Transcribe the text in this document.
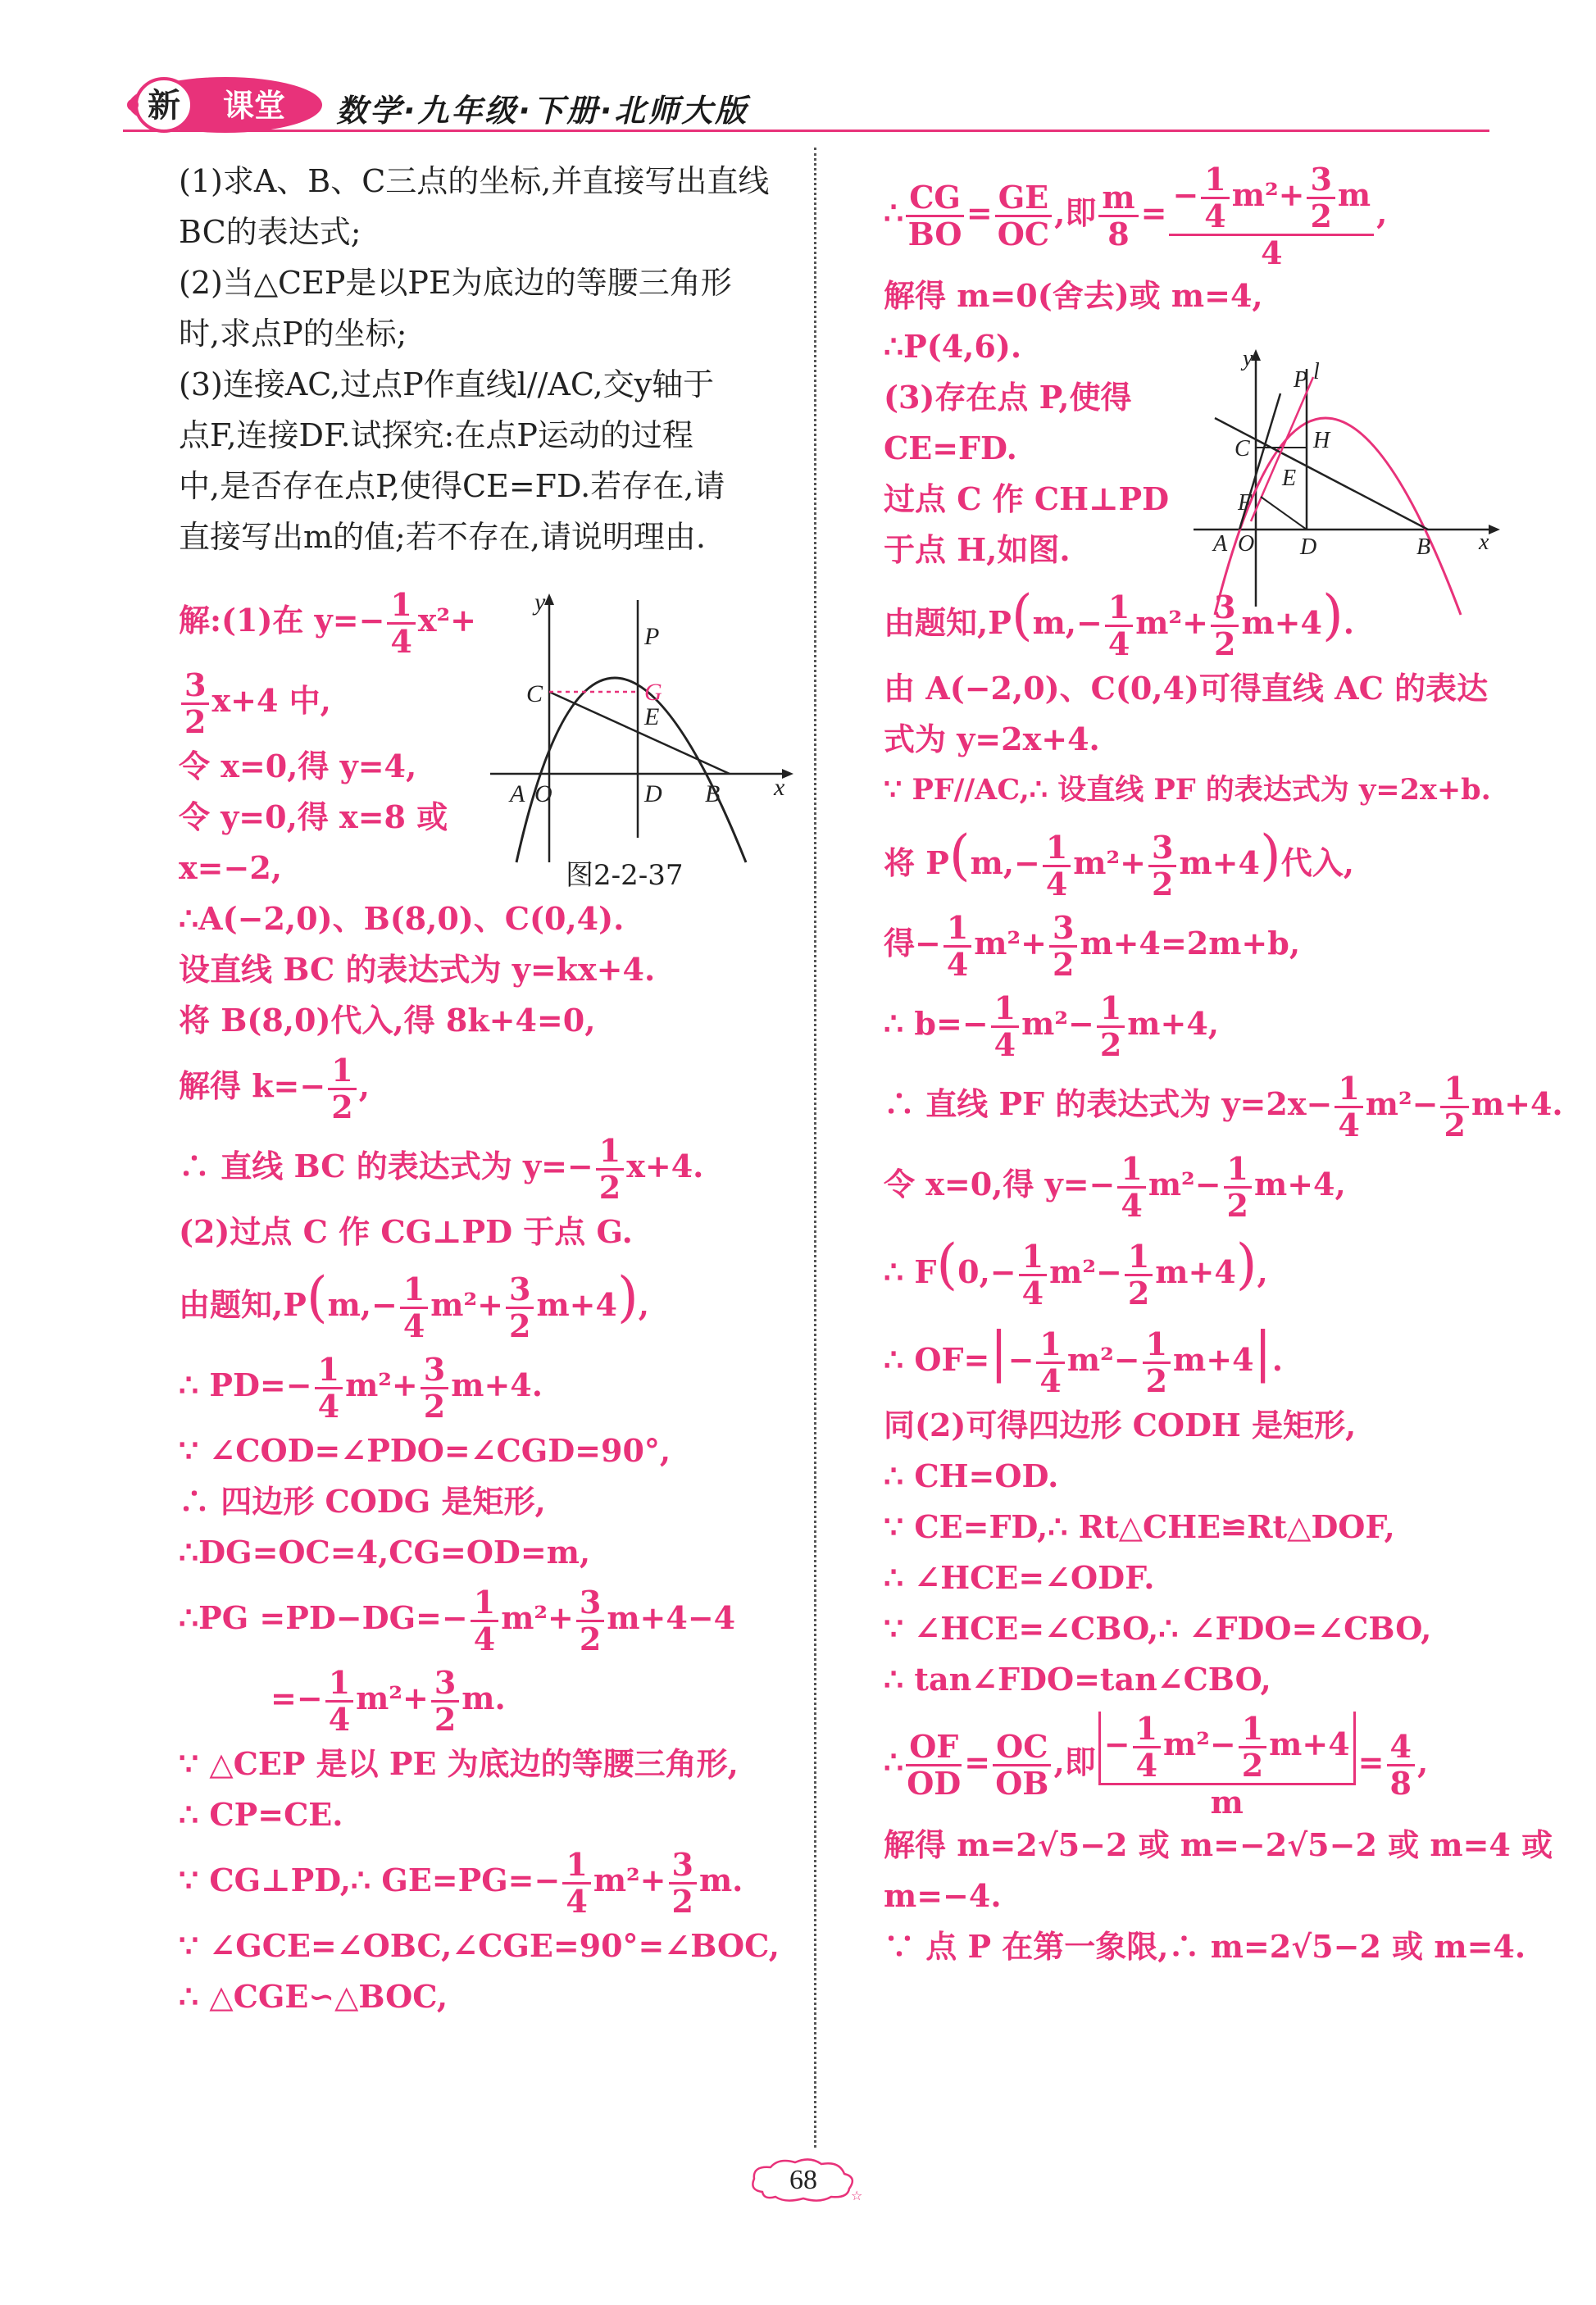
新 课堂 数学·九年级·下册·北师大版
(1)求A、B、C三点的坐标,并直接写出直线
BC的表达式;
(2)当△CEP是以PE为底边的等腰三角形
时,求点P的坐标;
(3)连接AC,过点P作直线l//AC,交y轴于
点F,连接DF.试探究:在点P运动的过程
中,是否存在点P,使得CE=FD.若存在,请
直接写出m的值;若不存在,请说明理由.
解:(1)在 $y=- \frac{1}{4} x^2+$
$\frac{3}{2} x+4$ 中,
令 x=0,得 y=4,
令 y=0,得 x=8 或
x=−2,
∴A(−2,0)、B(8,0)、C(0,4).
设直线 BC 的表达式为 y=kx+4.
将 B(8,0)代入,得 8k+4=0,
解得 $k=- \frac{1}{2}$ ,
∴ 直线 BC 的表达式为 $y=- \frac{1}{2} x+4$.
(2)过点 C 作 CG⊥PD 于点 G.
由题知$,P(m,- \frac{1}{4} m^2+ \frac{3}{2} m+4)$,
∴ $PD=- \frac{1}{4} m^2+ \frac{3}{2} m+4$.
∵ ∠COD=∠PDO=∠CGD=90°,
∴ 四边形 CODG 是矩形,
∴DG=OC=4,CG=OD=m,
∴PG $=PD-DG=- \frac{1}{4} m^2+ \frac{3}{2} m+4-4$
=− $\frac{1}{4} m^2+ \frac{3}{2} m$.
∵ △CEP 是以 PE 为底边的等腰三角形,
∴ CP=CE.
∵ CG⊥PD,∴ $GE=PG=- \frac{1}{4} m^2+ \frac{3}{2} m$.
∵ ∠GCE=∠OBC,∠CGE=90°=∠BOC,
∴ △CGE∽△BOC,
y
x
P
C	G
E
A O	D B
图2-2-37
∴ $\frac{CG}{BO} = \frac{GE}{OC}$ ,即 $\frac{m}{8} = \frac{- \frac{1}{4} m^2+ \frac{3}{2} m}{4}$ ,
解得 m=0(舍去)或 m=4,
∴P(4,6).
(3)存在点 P,使得
CE=FD.
过点 C 作 CH⊥PD
于点 H,如图.
由题知$,P(m,- \frac{1}{4} m^2+ \frac{3}{2} m+4)$.
由 A(−2,0)、C(0,4)可得直线 AC 的表达
式为 y=2x+4.
∵ PF//AC,∴ 设直线 PF 的表达式为 y=2x+b.
将 $P(m,- \frac{1}{4} m^2+ \frac{3}{2} m+4)$代入,
得− $\frac{1}{4} m^2+ \frac{3}{2} m+4=2m+b$,
∴ $b=- \frac{1}{4} m^2- \frac{1}{2} m+4$,
∴ 直线 PF 的表达式为 $y=2x- \frac{1}{4} m^2- \frac{1}{2} m+4$.
令 x=0,得 $y=- \frac{1}{4} m^2- \frac{1}{2} m+4$,
∴ $F(0,- \frac{1}{4} m^2- \frac{1}{2} m+4)$,
∴ $OF=|- \frac{1}{4} m^2- \frac{1}{2} m+4|$.
同(2)可得四边形 CODH 是矩形,
∴ CH=OD.
∵ CE=FD,∴ Rt△CHE≌Rt△DOF,
∴ ∠HCE=∠ODF.
∵ ∠HCE=∠CBO,∴ ∠FDO=∠CBO,
∴ tan∠FDO=tan∠CBO,
∴ $\frac{OF}{OD} = \frac{OC}{OB}$ ,即 $\frac{- \frac{1}{4} m^2- \frac{1}{2} m+4}{m} = \frac{4}{8}$ ,
解得 m=2√5−2 或 m=−2√5−2 或 m=4 或
m=−4.
∵ 点 P 在第一象限,∴ m=2√5−2 或 m=4.
y
x
P l
C	H
E
F
A O D	B
☆
68
